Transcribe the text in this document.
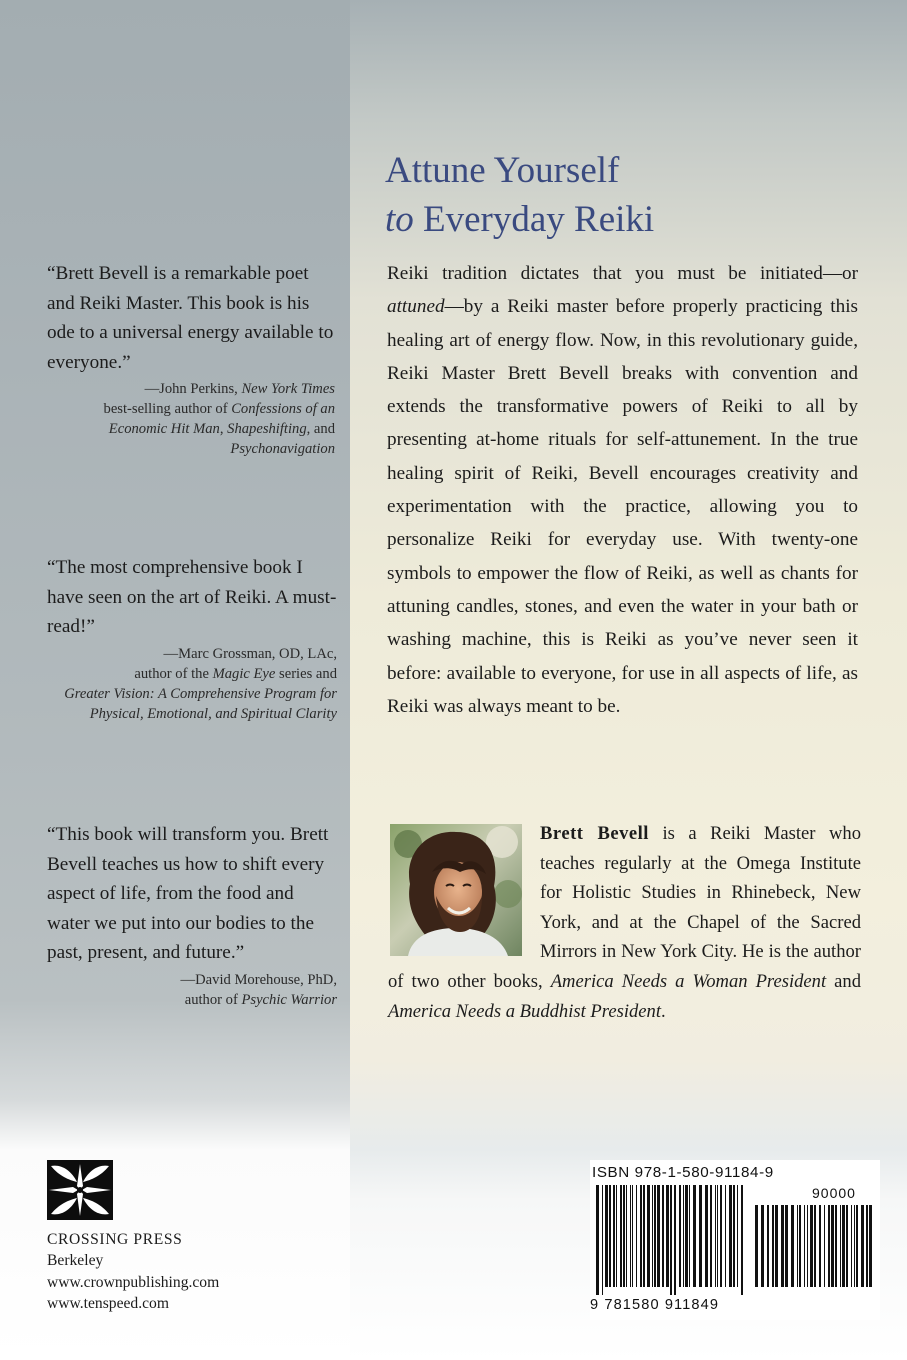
“Brett Bevell is a remarkable poet and Reiki Master. This book is his ode to a universal energy available to everyone.”

—John Perkins, New York Times
best-selling author of Confessions of an Economic Hit Man, Shapeshifting, and Psychonavigation

“The most comprehensive book I have seen on the art of Reiki. A must-read!”

—Marc Grossman, OD, LAc,
author of the Magic Eye series and
Greater Vision: A Comprehensive Program for Physical, Emotional, and Spiritual Clarity

“This book will transform you. Brett Bevell teaches us how to shift every aspect of life, from the food and water we put into our bodies to the past, present, and future.”

—David Morehouse, PhD,
author of Psychic Warrior
Attune Yourself
to Everyday Reiki

Reiki tradition dictates that you must be initiated—or attuned—by a Reiki master before properly practicing this healing art of energy flow. Now, in this revolutionary guide, Reiki Master Brett Bevell breaks with convention and extends the transformative powers of Reiki to all by presenting at-home rituals for self-attunement. In the true healing spirit of Reiki, Bevell encourages creativity and experimentation with the practice, allowing you to personalize Reiki for everyday use. With twenty-one symbols to empower the flow of Reiki, as well as chants for attuning candles, stones, and even the water in your bath or washing machine, this is Reiki as you’ve never seen it before: available to everyone, for use in all aspects of life, as Reiki was always meant to be.

Brett Bevell is a Reiki Master who teaches regularly at the Omega Institute for Holistic Studies in Rhinebeck, New York, and at the Chapel of the Sacred Mirrors in New York City. He is the author of two other books, America Needs a Woman President and America Needs a Buddhist President.

CROSSING PRESS
Berkeley
www.crownpublishing.com
www.tenspeed.com
ISBN 978-1-580-91184-9
90000
9 781580 911849
